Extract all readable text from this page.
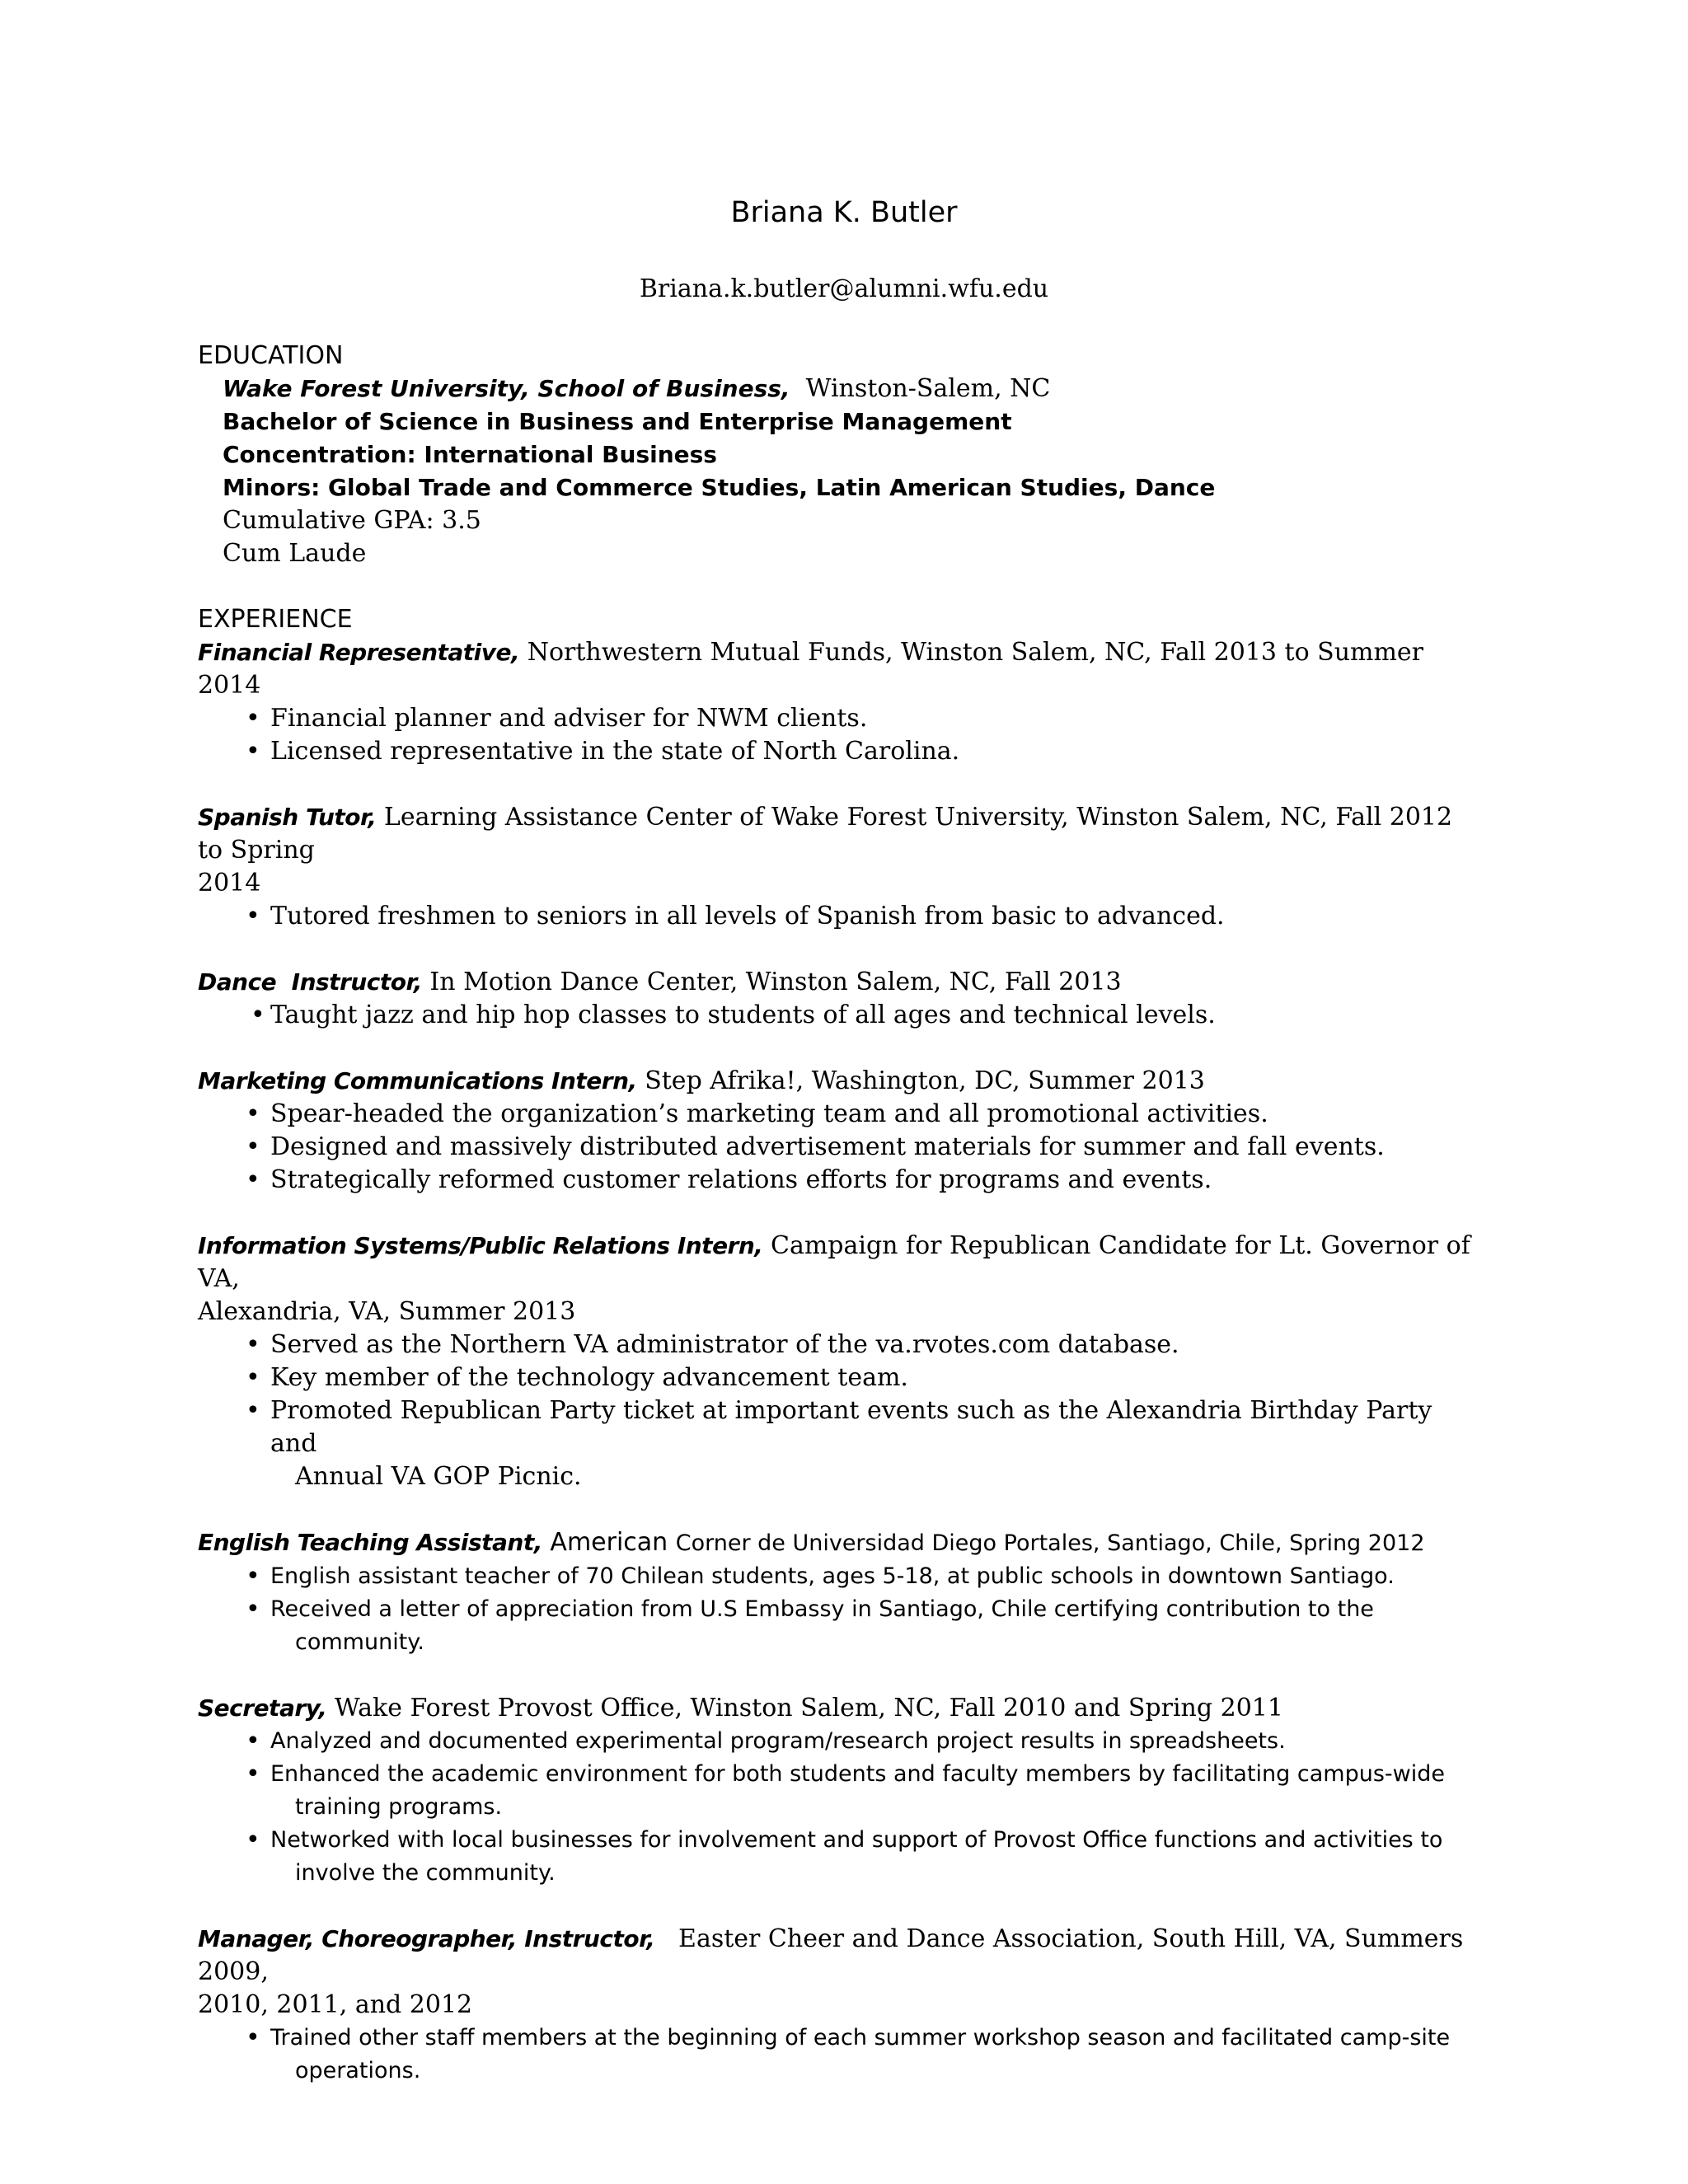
Briana K. Butler
Briana.k.butler@alumni.wfu.edu
EDUCATION
Wake Forest University, School of Business, Winston-Salem, NC
Bachelor of Science in Business and Enterprise Management
Concentration: International Business
Minors: Global Trade and Commerce Studies, Latin American Studies, Dance
Cumulative GPA: 3.5
Cum Laude
EXPERIENCE
Financial Representative, Northwestern Mutual Funds, Winston Salem, NC, Fall 2013 to Summer 2014
• Financial planner and adviser for NWM clients.
• Licensed representative in the state of North Carolina.
Spanish Tutor, Learning Assistance Center of Wake Forest University, Winston Salem, NC, Fall 2012 to Spring
2014
• Tutored freshmen to seniors in all levels of Spanish from basic to advanced.
Dance  Instructor, In Motion Dance Center, Winston Salem, NC, Fall 2013
• Taught jazz and hip hop classes to students of all ages and technical levels.
Marketing Communications Intern, Step Afrika!, Washington, DC, Summer 2013
• Spear-headed the organization’s marketing team and all promotional activities.
• Designed and massively distributed advertisement materials for summer and fall events.
• Strategically reformed customer relations efforts for programs and events.
Information Systems/Public Relations Intern, Campaign for Republican Candidate for Lt. Governor of VA,
Alexandria, VA, Summer 2013
• Served as the Northern VA administrator of the va.rvotes.com database.
• Key member of the technology advancement team.
• Promoted Republican Party ticket at important events such as the Alexandria Birthday Party and
Annual VA GOP Picnic.
English Teaching Assistant, American Corner de Universidad Diego Portales, Santiago, Chile, Spring 2012
• English assistant teacher of 70 Chilean students, ages 5-18, at public schools in downtown Santiago.
• Received a letter of appreciation from U.S Embassy in Santiago, Chile certifying contribution to the
community.
Secretary, Wake Forest Provost Office, Winston Salem, NC, Fall 2010 and Spring 2011
• Analyzed and documented experimental program/research project results in spreadsheets.
• Enhanced the academic environment for both students and faculty members by facilitating campus-wide
training programs.
• Networked with local businesses for involvement and support of Provost Office functions and activities to
involve the community.
Manager, Choreographer, Instructor, Easter Cheer and Dance Association, South Hill, VA, Summers 2009,
2010, 2011, and 2012
• Trained other staff members at the beginning of each summer workshop season and facilitated camp-site
operations.
